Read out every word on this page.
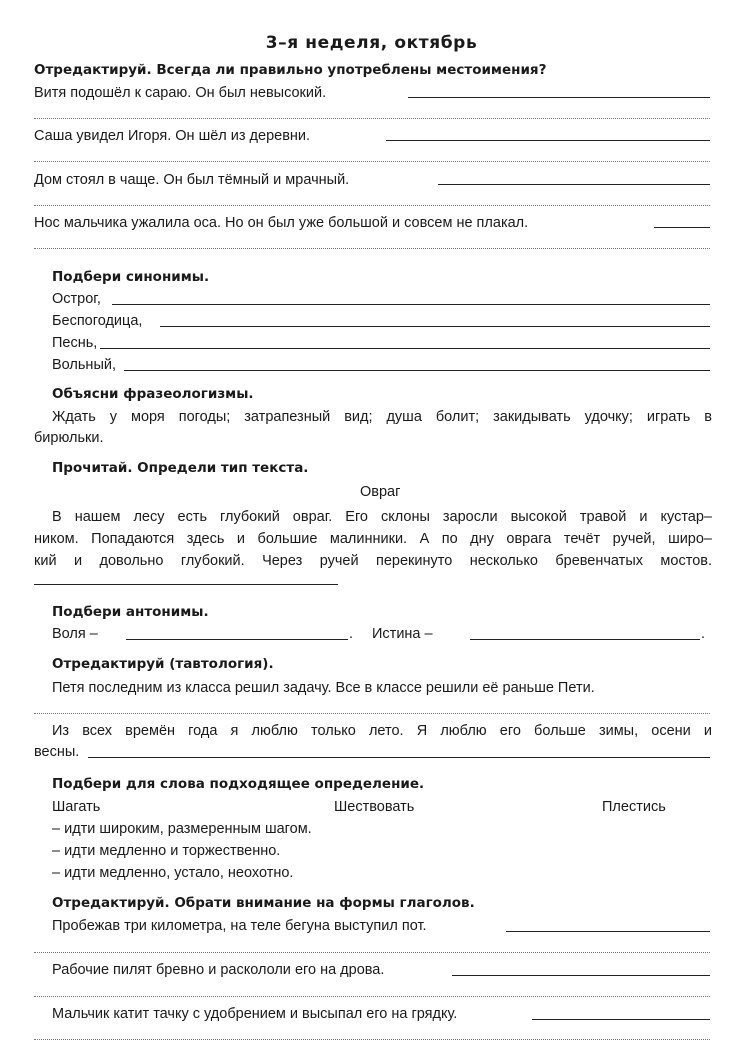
3–я неделя, октябрь
Отредактируй. Всегда ли правильно употреблены местоимения?
Витя подошёл к сараю. Он был невысокий.
Саша увидел Игоря. Он шёл из деревни.
Дом стоял в чаще. Он был тёмный и мрачный.
Нос мальчика ужалила оса. Но он был уже большой и совсем не плакал.
Подбери синонимы.
Острог,
Беспогодица,
Песнь,
Вольный,
Объясни фразеологизмы.
Ждать у моря погоды; затрапезный вид; душа болит; закидывать удочку; играть в
бирюльки.
Прочитай. Определи тип текста.
Овраг
В нашем лесу есть глубокий овраг. Его склоны заросли высокой травой и кустар–
ником. Попадаются здесь и большие малинники. А по дну оврага течёт ручей, широ–
кий и довольно глубокий. Через ручей перекинуто несколько бревенчатых мостов.
Подбери антонимы.
Воля –	. Истина –	.
Отредактируй (тавтология).
Петя последним из класса решил задачу. Все в классе решили её раньше Пети.
Из всех времён года я люблю только лето. Я люблю его больше зимы, осени и
весны.
Подбери для слова подходящее определение.
Шагать	Шествовать	Плестись
– идти широким, размеренным шагом.
– идти медленно и торжественно.
– идти медленно, устало, неохотно.
Отредактируй. Обрати внимание на формы глаголов.
Пробежав три километра, на теле бегуна выступил пот.
Рабочие пилят бревно и раскололи его на дрова.
Мальчик катит тачку с удобрением и высыпал его на грядку.
